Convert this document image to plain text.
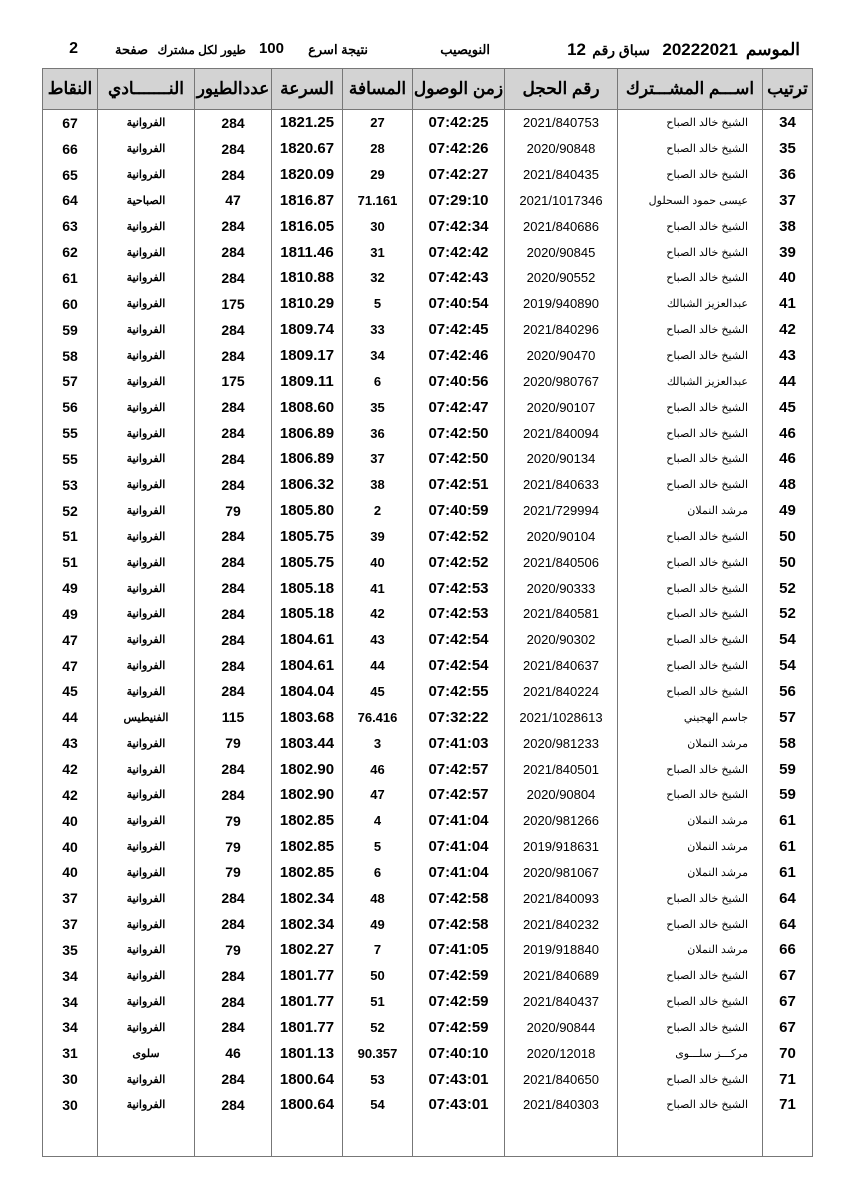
الموسم
20222021
سباق رقم
12
النويصيب
نتيجة اسرع
100
طيور لكل مشترك
صفحة
2
ترتيب	اســـم المشـــترك	رقم الحجل	زمن الوصول	المسافة	السرعة	عددالطيور	النـــــــادي	النقاط
34	الشيخ خالد الصباح	2021/840753	07:42:25	27	1821.25	284	الفروانية	67
35	الشيخ خالد الصباح	2020/90848	07:42:26	28	1820.67	284	الفروانية	66
36	الشيخ خالد الصباح	2021/840435	07:42:27	29	1820.09	284	الفروانية	65
37	عيسى حمود السحلول	2021/1017346	07:29:10	71.161	1816.87	47	الصباحية	64
38	الشيخ خالد الصباح	2021/840686	07:42:34	30	1816.05	284	الفروانية	63
39	الشيخ خالد الصباح	2020/90845	07:42:42	31	1811.46	284	الفروانية	62
40	الشيخ خالد الصباح	2020/90552	07:42:43	32	1810.88	284	الفروانية	61
41	عبدالعزيز الشبالك	2019/940890	07:40:54	5	1810.29	175	الفروانية	60
42	الشيخ خالد الصباح	2021/840296	07:42:45	33	1809.74	284	الفروانية	59
43	الشيخ خالد الصباح	2020/90470	07:42:46	34	1809.17	284	الفروانية	58
44	عبدالعزيز الشبالك	2020/980767	07:40:56	6	1809.11	175	الفروانية	57
45	الشيخ خالد الصباح	2020/90107	07:42:47	35	1808.60	284	الفروانية	56
46	الشيخ خالد الصباح	2021/840094	07:42:50	36	1806.89	284	الفروانية	55
46	الشيخ خالد الصباح	2020/90134	07:42:50	37	1806.89	284	الفروانية	55
48	الشيخ خالد الصباح	2021/840633	07:42:51	38	1806.32	284	الفروانية	53
49	مرشد النملان	2021/729994	07:40:59	2	1805.80	79	الفروانية	52
50	الشيخ خالد الصباح	2020/90104	07:42:52	39	1805.75	284	الفروانية	51
50	الشيخ خالد الصباح	2021/840506	07:42:52	40	1805.75	284	الفروانية	51
52	الشيخ خالد الصباح	2020/90333	07:42:53	41	1805.18	284	الفروانية	49
52	الشيخ خالد الصباح	2021/840581	07:42:53	42	1805.18	284	الفروانية	49
54	الشيخ خالد الصباح	2020/90302	07:42:54	43	1804.61	284	الفروانية	47
54	الشيخ خالد الصباح	2021/840637	07:42:54	44	1804.61	284	الفروانية	47
56	الشيخ خالد الصباح	2021/840224	07:42:55	45	1804.04	284	الفروانية	45
57	جاسم الهجيني	2021/1028613	07:32:22	76.416	1803.68	115	الفنيطيس	44
58	مرشد النملان	2020/981233	07:41:03	3	1803.44	79	الفروانية	43
59	الشيخ خالد الصباح	2021/840501	07:42:57	46	1802.90	284	الفروانية	42
59	الشيخ خالد الصباح	2020/90804	07:42:57	47	1802.90	284	الفروانية	42
61	مرشد النملان	2020/981266	07:41:04	4	1802.85	79	الفروانية	40
61	مرشد النملان	2019/918631	07:41:04	5	1802.85	79	الفروانية	40
61	مرشد النملان	2020/981067	07:41:04	6	1802.85	79	الفروانية	40
64	الشيخ خالد الصباح	2021/840093	07:42:58	48	1802.34	284	الفروانية	37
64	الشيخ خالد الصباح	2021/840232	07:42:58	49	1802.34	284	الفروانية	37
66	مرشد النملان	2019/918840	07:41:05	7	1802.27	79	الفروانية	35
67	الشيخ خالد الصباح	2021/840689	07:42:59	50	1801.77	284	الفروانية	34
67	الشيخ خالد الصباح	2021/840437	07:42:59	51	1801.77	284	الفروانية	34
67	الشيخ خالد الصباح	2020/90844	07:42:59	52	1801.77	284	الفروانية	34
70	مركـــز سلـــوى	2020/12018	07:40:10	90.357	1801.13	46	سلوى	31
71	الشيخ خالد الصباح	2021/840650	07:43:01	53	1800.64	284	الفروانية	30
71	الشيخ خالد الصباح	2021/840303	07:43:01	54	1800.64	284	الفروانية	30
